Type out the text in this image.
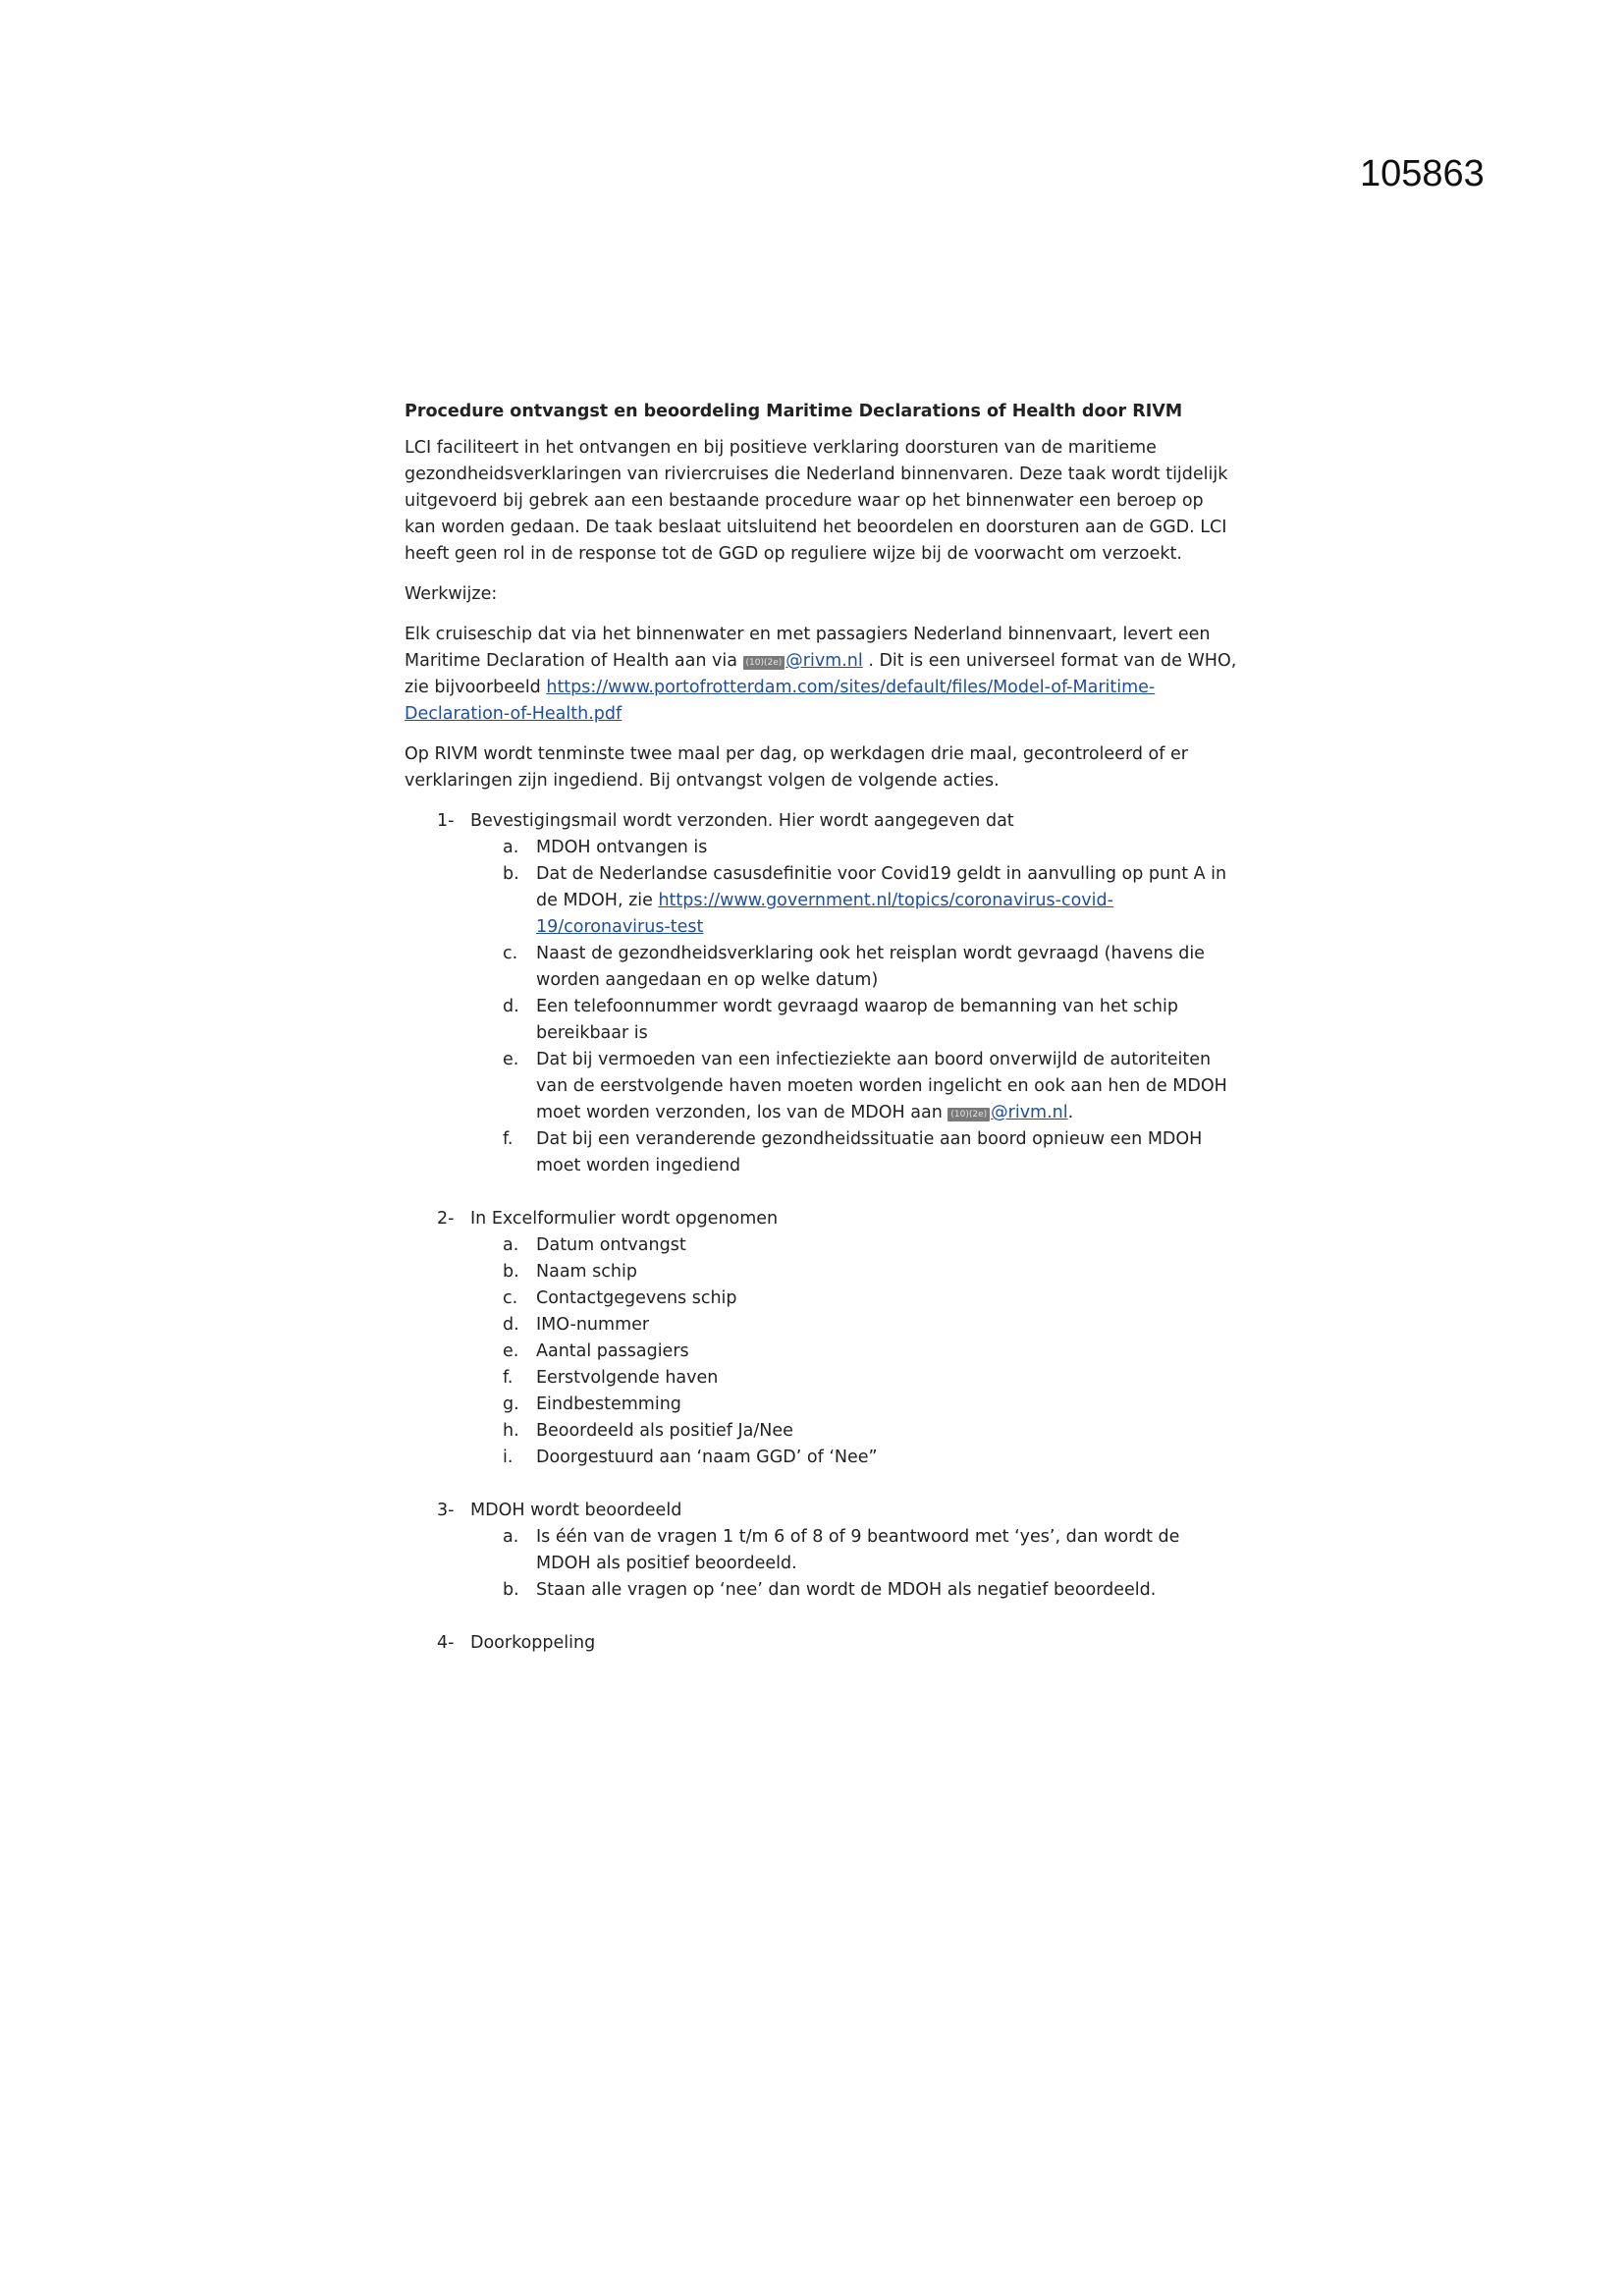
105863
Procedure ontvangst en beoordeling Maritime Declarations of Health door RIVM

LCI faciliteert in het ontvangen en bij positieve verklaring doorsturen van de maritieme gezondheidsverklaringen van riviercruises die Nederland binnenvaren. Deze taak wordt tijdelijk uitgevoerd bij gebrek aan een bestaande procedure waar op het binnenwater een beroep op kan worden gedaan. De taak beslaat uitsluitend het beoordelen en doorsturen aan de GGD. LCI heeft geen rol in de response tot de GGD op reguliere wijze bij de voorwacht om verzoekt.

Werkwijze:

Elk cruiseschip dat via het binnenwater en met passagiers Nederland binnenvaart, levert een Maritime Declaration of Health aan via (10)(2e) @rivm.nl . Dit is een universeel format van de WHO, zie bijvoorbeeld https://www.portofrotterdam.com/sites/default/files/Model-of-Maritime-Declaration-of-Health.pdf

Op RIVM wordt tenminste twee maal per dag, op werkdagen drie maal, gecontroleerd of er verklaringen zijn ingediend. Bij ontvangst volgen de volgende acties.

1- Bevestigingsmail wordt verzonden. Hier wordt aangegeven dat
a. MDOH ontvangen is
b. Dat de Nederlandse casusdefinitie voor Covid19 geldt in aanvulling op punt A in de MDOH, zie https://www.government.nl/topics/coronavirus-covid-19/coronavirus-test
c. Naast de gezondheidsverklaring ook het reisplan wordt gevraagd (havens die worden aangedaan en op welke datum)
d. Een telefoonnummer wordt gevraagd waarop de bemanning van het schip bereikbaar is
e. Dat bij vermoeden van een infectieziekte aan boord onverwijld de autoriteiten van de eerstvolgende haven moeten worden ingelicht en ook aan hen de MDOH moet worden verzonden, los van de MDOH aan (10)(2e) @rivm.nl.
f. Dat bij een veranderende gezondheidssituatie aan boord opnieuw een MDOH moet worden ingediend
2- In Excelformulier wordt opgenomen
a. Datum ontvangst
b. Naam schip
c. Contactgegevens schip
d. IMO-nummer
e. Aantal passagiers
f. Eerstvolgende haven
g. Eindbestemming
h. Beoordeeld als positief Ja/Nee
i. Doorgestuurd aan ‘naam GGD’ of ‘Nee”
3- MDOH wordt beoordeeld
a. Is één van de vragen 1 t/m 6 of 8 of 9 beantwoord met ‘yes’, dan wordt de MDOH als positief beoordeeld.
b. Staan alle vragen op ‘nee’ dan wordt de MDOH als negatief beoordeeld.
4- Doorkoppeling
